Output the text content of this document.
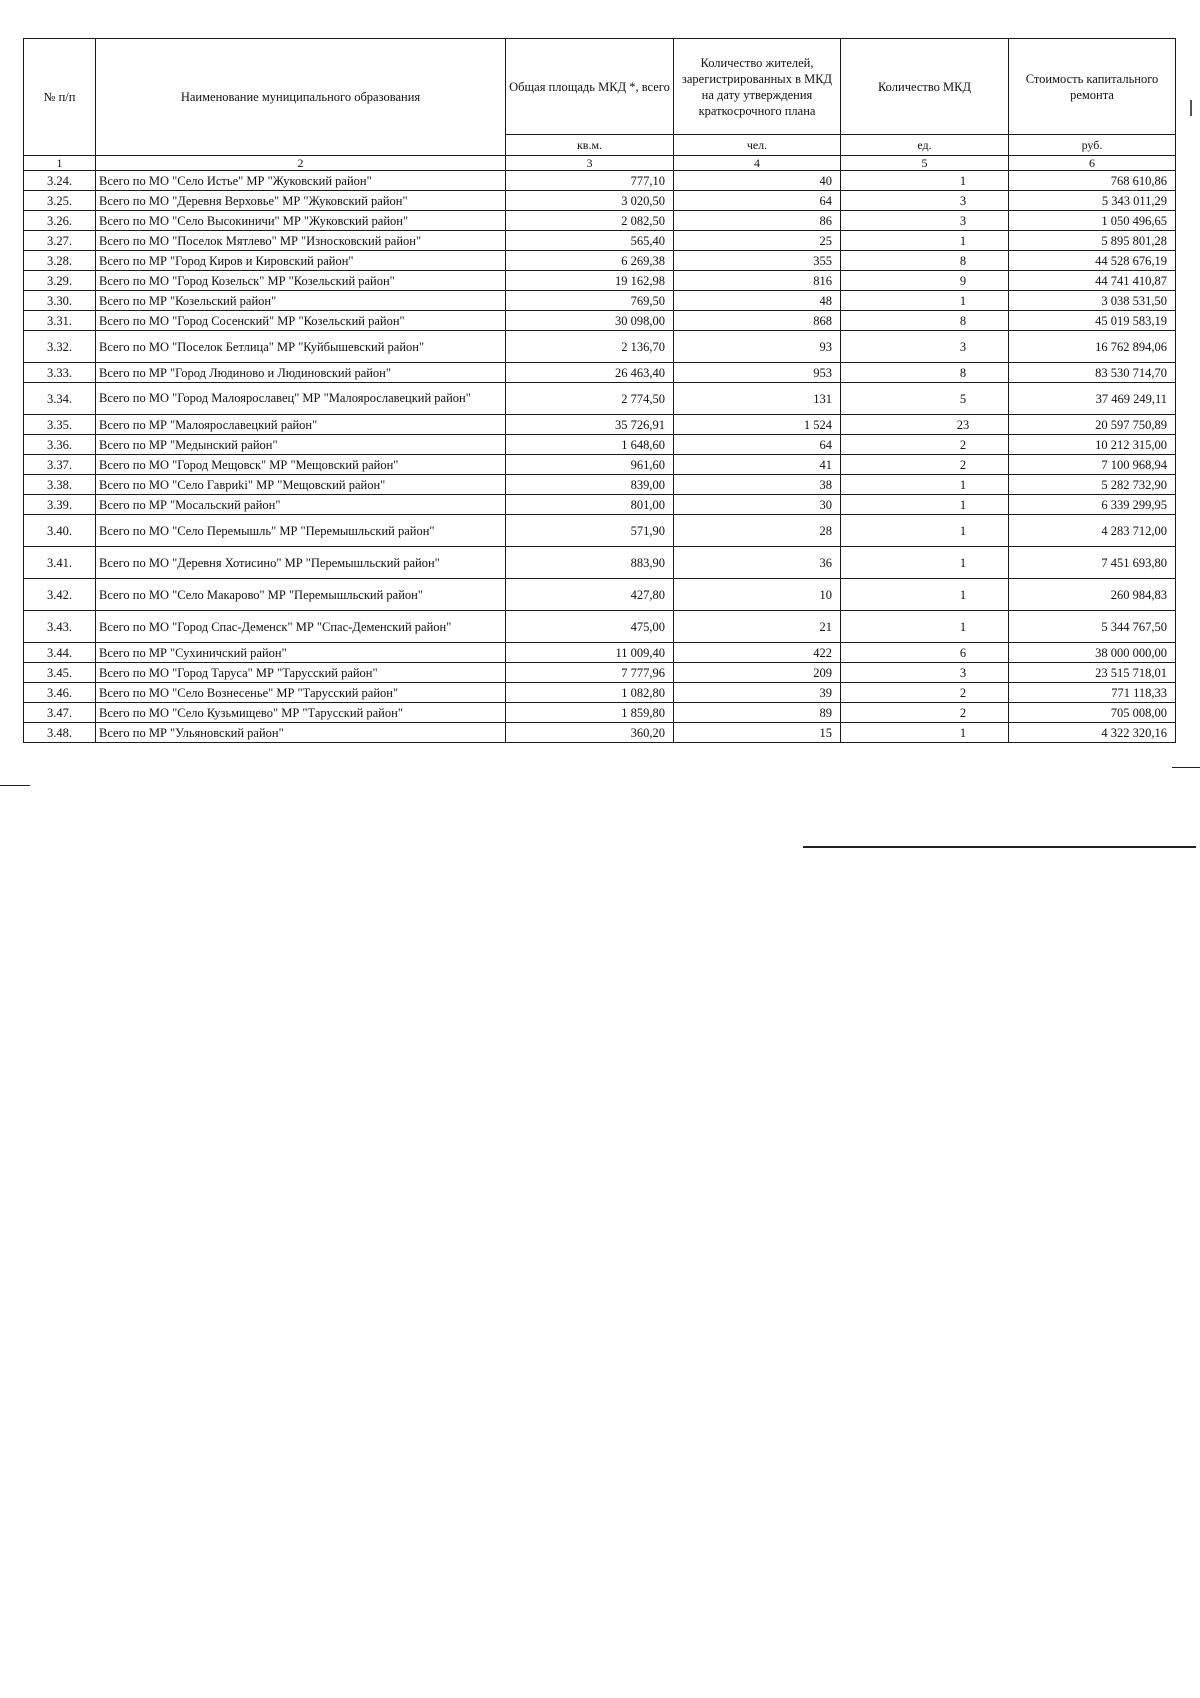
№ п/п	Наименование муниципального образования	Общая площадь МКД *, всего	Количество жителей, зарегистрированных в МКД на дату утверждения краткосрочного плана	Количество МКД	Стоимость капитального ремонта
		кв.м.	чел.	ед.	руб.
1	2	3	4	5	6
3.24.	Всего по МО "Село Истье" МР "Жуковский район"	777,10	40	1	768 610,86
3.25.	Всего по МО "Деревня Верховье" МР "Жуковский район"	3 020,50	64	3	5 343 011,29
3.26.	Всего по МО "Село Высокиничи" МР "Жуковский район"	2 082,50	86	3	1 050 496,65
3.27.	Всего по МО "Поселок Мятлево" МР "Износковский район"	565,40	25	1	5 895 801,28
3.28.	Всего по МР "Город Киров и Кировский район"	6 269,38	355	8	44 528 676,19
3.29.	Всего по МО "Город Козельск" МР "Козельский район"	19 162,98	816	9	44 741 410,87
3.30.	Всего по МР "Козельский район"	769,50	48	1	3 038 531,50
3.31.	Всего по МО "Город Сосенский" МР "Козельский район"	30 098,00	868	8	45 019 583,19
3.32.	Всего по МО "Поселок Бетлица" МР "Куйбышевский район"	2 136,70	93	3	16 762 894,06
3.33.	Всего по МР "Город Людиново и Людиновский район"	26 463,40	953	8	83 530 714,70
3.34.	Всего по МО "Город Малоярославец" МР "Малоярославецкий район"	2 774,50	131	5	37 469 249,11
3.35.	Всего по МР "Малоярославецкий район"	35 726,91	1 524	23	20 597 750,89
3.36.	Всего по МР "Медынский район"	1 648,60	64	2	10 212 315,00
3.37.	Всего по МО "Город Мещовск" МР "Мещовский район"	961,60	41	2	7 100 968,94
3.38.	Всего по МО "Село Гавриki" МР "Мещовский район"	839,00	38	1	5 282 732,90
3.39.	Всего по МР "Мосальский район"	801,00	30	1	6 339 299,95
3.40.	Всего по МО "Село Перемышль" МР "Перемышльский район"	571,90	28	1	4 283 712,00
3.41.	Всего по МО "Деревня Хотисино" МР "Перемышльский район"	883,90	36	1	7 451 693,80
3.42.	Всего по МО "Село Макарово" МР "Перемышльский район"	427,80	10	1	260 984,83
3.43.	Всего по МО "Город Спас-Деменск" МР "Спас-Деменский район"	475,00	21	1	5 344 767,50
3.44.	Всего по МР "Сухиничский район"	11 009,40	422	6	38 000 000,00
3.45.	Всего по МО "Город Таруса" МР "Тарусский район"	7 777,96	209	3	23 515 718,01
3.46.	Всего по МО "Село Вознесенье" МР "Тарусский район"	1 082,80	39	2	771 118,33
3.47.	Всего по МО "Село Кузьмищево" МР "Тарусский район"	1 859,80	89	2	705 008,00
3.48.	Всего по МР "Ульяновский район"	360,20	15	1	4 322 320,16
